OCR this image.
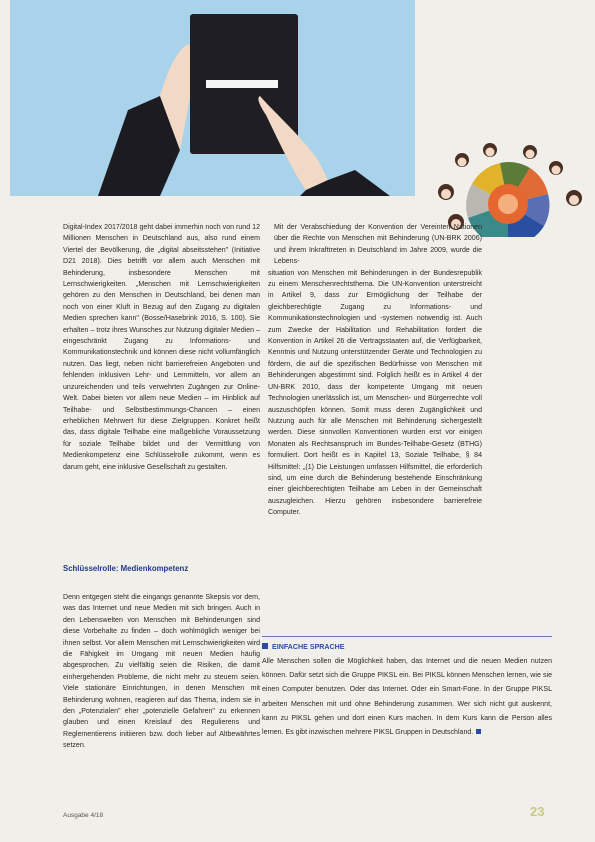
Digital-Index 2017/2018 geht dabei immerhin noch von rund 12 Millionen Menschen in Deutschland aus, also rund einem Viertel der Bevölkerung, die „digital abseitsstehen" (Initiative D21 2018). Dies betrifft vor allem auch Menschen mit Behinderung, insbesondere Menschen mit Lernschwierigkeiten. „Menschen mit Lernschwierigkeiten gehören zu den Menschen in Deutschland, bei denen man noch von einer Kluft in Bezug auf den Zugang zu digitalen Medien sprechen kann" (Bosse/Hasebrink 2016, S. 100). Sie erhalten – trotz ihres Wunsches zur Nutzung digitaler Medien – eingeschränkt Zugang zu Informations- und Kommunikationstechnik und können diese nicht vollumfänglich nutzen. Das liegt, neben nicht barrierefreien Angeboten und fehlenden inklusiven Lehr- und Lernmitteln, vor allem an unzureichenden und teils verwehrten Zugängen zur Online-Welt. Dabei bieten vor allem neue Medien – im Hinblick auf Teilhabe- und Selbstbestimmungs-Chancen – einen erheblichen Mehrwert für diese Zielgruppen. Konkret heißt das, dass digitale Teilhabe eine maßgebliche Voraussetzung für soziale Teilhabe bildet und der Vermittlung von Medienkompetenz eine Schlüsselrolle zukommt, wenn es darum geht, eine inklusive Gesellschaft zu gestalten.

Schlüsselrolle: Medienkompetenz

Denn entgegen steht die eingangs genannte Skepsis vor dem, was das Internet und neue Medien mit sich bringen. Auch in den Lebenswelten von Menschen mit Behinderungen sind diese Vorbehalte zu finden – doch wohlmöglich weniger bei ihnen selbst. Vor allem Menschen mit Lernschwierigkeiten wird die Fähigkeit im Umgang mit neuen Medien häufig abgesprochen. Zu vielfältig seien die Risiken, die damit einhergehenden Probleme, die nicht mehr zu steuern seien. Viele stationäre Einrichtungen, in denen Menschen mit Behinderung wohnen, reagieren auf das Thema, indem sie in den „Potenzialen" eher „potenzielle Gefahren" zu erkennen glauben und einen Kreislauf des Regulierens und Reglementierens initiieren bzw. doch lieber auf Altbewährtes setzen.

Mit der Verabschiedung der Konvention der Vereinten Nationen über die Rechte von Menschen mit Behinderung (UN-BRK 2006) und ihrem Inkrafttreten in Deutschland im Jahre 2009, wurde die Lebens-

situation von Menschen mit Behinderungen in der Bundesrepublik zu einem Menschenrechtsthema. Die UN-Konvention unterstreicht in Artikel 9, dass zur Ermöglichung der Teilhabe der gleichberechtigte Zugang zu Informations- und Kommunikationstechnologien und -systemen notwendig ist. Auch zum Zwecke der Habilitation und Rehabilitation fordert die Konvention in Artikel 26 die Vertragsstaaten auf, die Verfügbarkeit, Kenntnis und Nutzung unterstützender Geräte und Technologien zu fördern, die auf die spezifischen Bedürfnisse von Menschen mit Behinderungen abgestimmt sind. Folglich heißt es in Artikel 4 der UN-BRK 2010, dass der kompetente Umgang mit neuen Technologien unerlässlich ist, um Menschen- und Bürgerrechte voll auszuschöpfen können. Somit muss deren Zugänglichkeit und Nutzung auch für alle Menschen mit Behinderung sichergestellt werden. Diese sinnvollen Konventionen wurden erst vor einigen Monaten als Rechtsanspruch im Bundes-Teilhabe-Gesetz (BTHG) formuliert. Dort heißt es in Kapitel 13, Soziale Teilhabe, § 84 Hilfsmittel: „(1) Die Leistungen umfassen Hilfsmittel, die erforderlich sind, um eine durch die Behinderung bestehende Einschränkung einer gleichberechtigten Teilhabe am Leben in der Gemeinschaft auszugleichen. Hierzu gehören insbesondere barrierefreie Computer.

EINFACHE SPRACHE

Alle Menschen sollen die Möglichkeit haben, das Internet und die neuen Medien nutzen können. Dafür setzt sich die Gruppe PIKSL ein. Bei PIKSL können Menschen lernen, wie sie einen Computer benutzen. Oder das Internet. Oder ein Smart-Fone. In der Gruppe PIKSL arbeiten Menschen mit und ohne Behinderung zusammen. Wer sich nicht gut auskennt, kann zu PIKSL gehen und dort einen Kurs machen. In dem Kurs kann die Person alles lernen. Es gibt inzwischen mehrere PIKSL Gruppen in Deutschland.

Ausgabe 4/18	23
